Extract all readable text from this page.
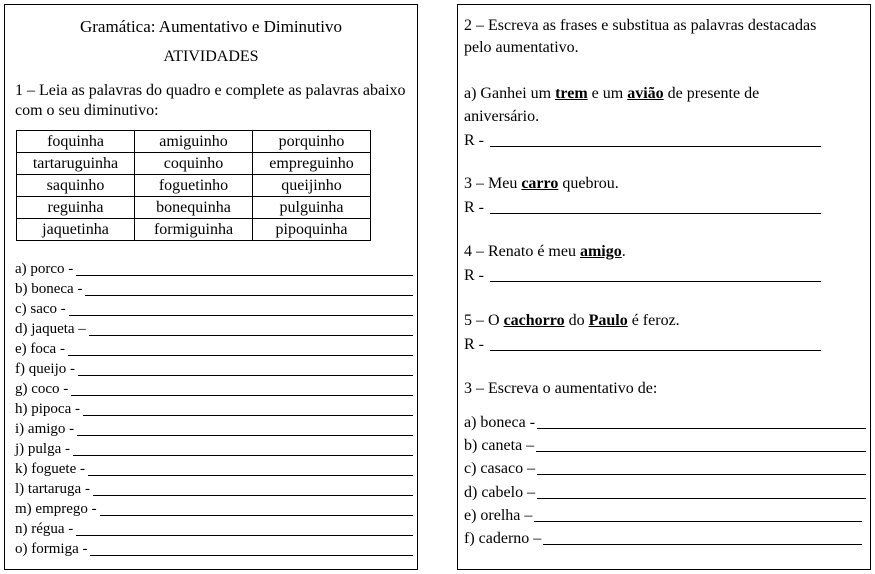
Gramática: Aumentativo e Diminutivo
ATIVIDADES
1 – Leia as palavras do quadro e complete as palavras abaixo com o seu diminutivo:
foquinha	amiguinho	porquinho
tartaruguinha	coquinho	empreguinho
saquinho	foguetinho	queijinho
reguinha	bonequinha	pulguinha
jaquetinha	formiguinha	pipoquinha
a) porco -
b) boneca -
c) saco -
d) jaqueta –
e) foca -
f) queijo -
g) coco -
h) pipoca -
i) amigo -
j) pulga -
k) foguete -
l) tartaruga -
m) emprego -
n) régua -
o) formiga -
2 – Escreva as frases e substitua as palavras destacadas pelo aumentativo.
a) Ganhei um trem e um avião de presente de
aniversário.
R -
3 – Meu carro quebrou.
R -
4 – Renato é meu amigo.
R -
5 – O cachorro do Paulo é feroz.
R -
3 – Escreva o aumentativo de:
a) boneca -
b) caneta –
c) casaco –
d) cabelo –
e) orelha –
f) caderno –
